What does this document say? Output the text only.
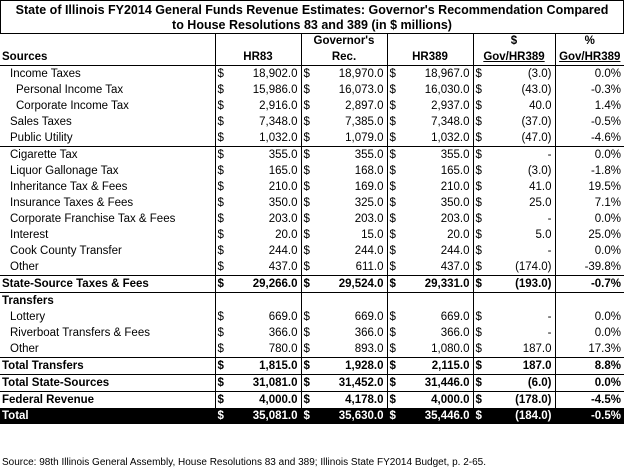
State of Illinois FY2014 General Funds Revenue Estimates: Governor's Recommendation Compared
to House Resolutions 83 and 389 (in $ millions)
			Governor's				$		%
Sources	HR83		Rec.		HR389		Gov/HR389		Gov/HR389
Income Taxes	$	18,902.0	$	18,970.0	$	18,967.0	$	(3.0)	0.0%
Personal Income Tax	$	15,986.0	$	16,073.0	$	16,030.0	$	(43.0)	-0.3%
Corporate Income Tax	$	2,916.0	$	2,897.0	$	2,937.0	$	40.0	1.4%
Sales Taxes	$	7,348.0	$	7,385.0	$	7,348.0	$	(37.0)	-0.5%
Public Utility	$	1,032.0	$	1,079.0	$	1,032.0	$	(47.0)	-4.6%
Cigarette Tax	$	355.0	$	355.0	$	355.0	$	-	0.0%
Liquor Gallonage Tax	$	165.0	$	168.0	$	165.0	$	(3.0)	-1.8%
Inheritance Tax & Fees	$	210.0	$	169.0	$	210.0	$	41.0	19.5%
Insurance Taxes & Fees	$	350.0	$	325.0	$	350.0	$	25.0	7.1%
Corporate Franchise Tax & Fees	$	203.0	$	203.0	$	203.0	$	-	0.0%
Interest	$	20.0	$	15.0	$	20.0	$	5.0	25.0%
Cook County Transfer	$	244.0	$	244.0	$	244.0	$	-	0.0%
Other	$	437.0	$	611.0	$	437.0	$	(174.0)	-39.8%
State-Source Taxes & Fees	$	29,266.0	$	29,524.0	$	29,331.0	$	(193.0)	-0.7%
Transfers									
Lottery	$	669.0	$	669.0	$	669.0	$	-	0.0%
Riverboat Transfers & Fees	$	366.0	$	366.0	$	366.0	$	-	0.0%
Other	$	780.0	$	893.0	$	1,080.0	$	187.0	17.3%
Total Transfers	$	1,815.0	$	1,928.0	$	2,115.0	$	187.0	8.8%
Total State-Sources	$	31,081.0	$	31,452.0	$	31,446.0	$	(6.0)	0.0%
Federal Revenue	$	4,000.0	$	4,178.0	$	4,000.0	$	(178.0)	-4.5%
Total	$	35,081.0	$	35,630.0	$	35,446.0	$	(184.0)	-0.5%
Source: 98th Illinois General Assembly, House Resolutions 83 and 389; Illinois State FY2014 Budget, p. 2-65.
